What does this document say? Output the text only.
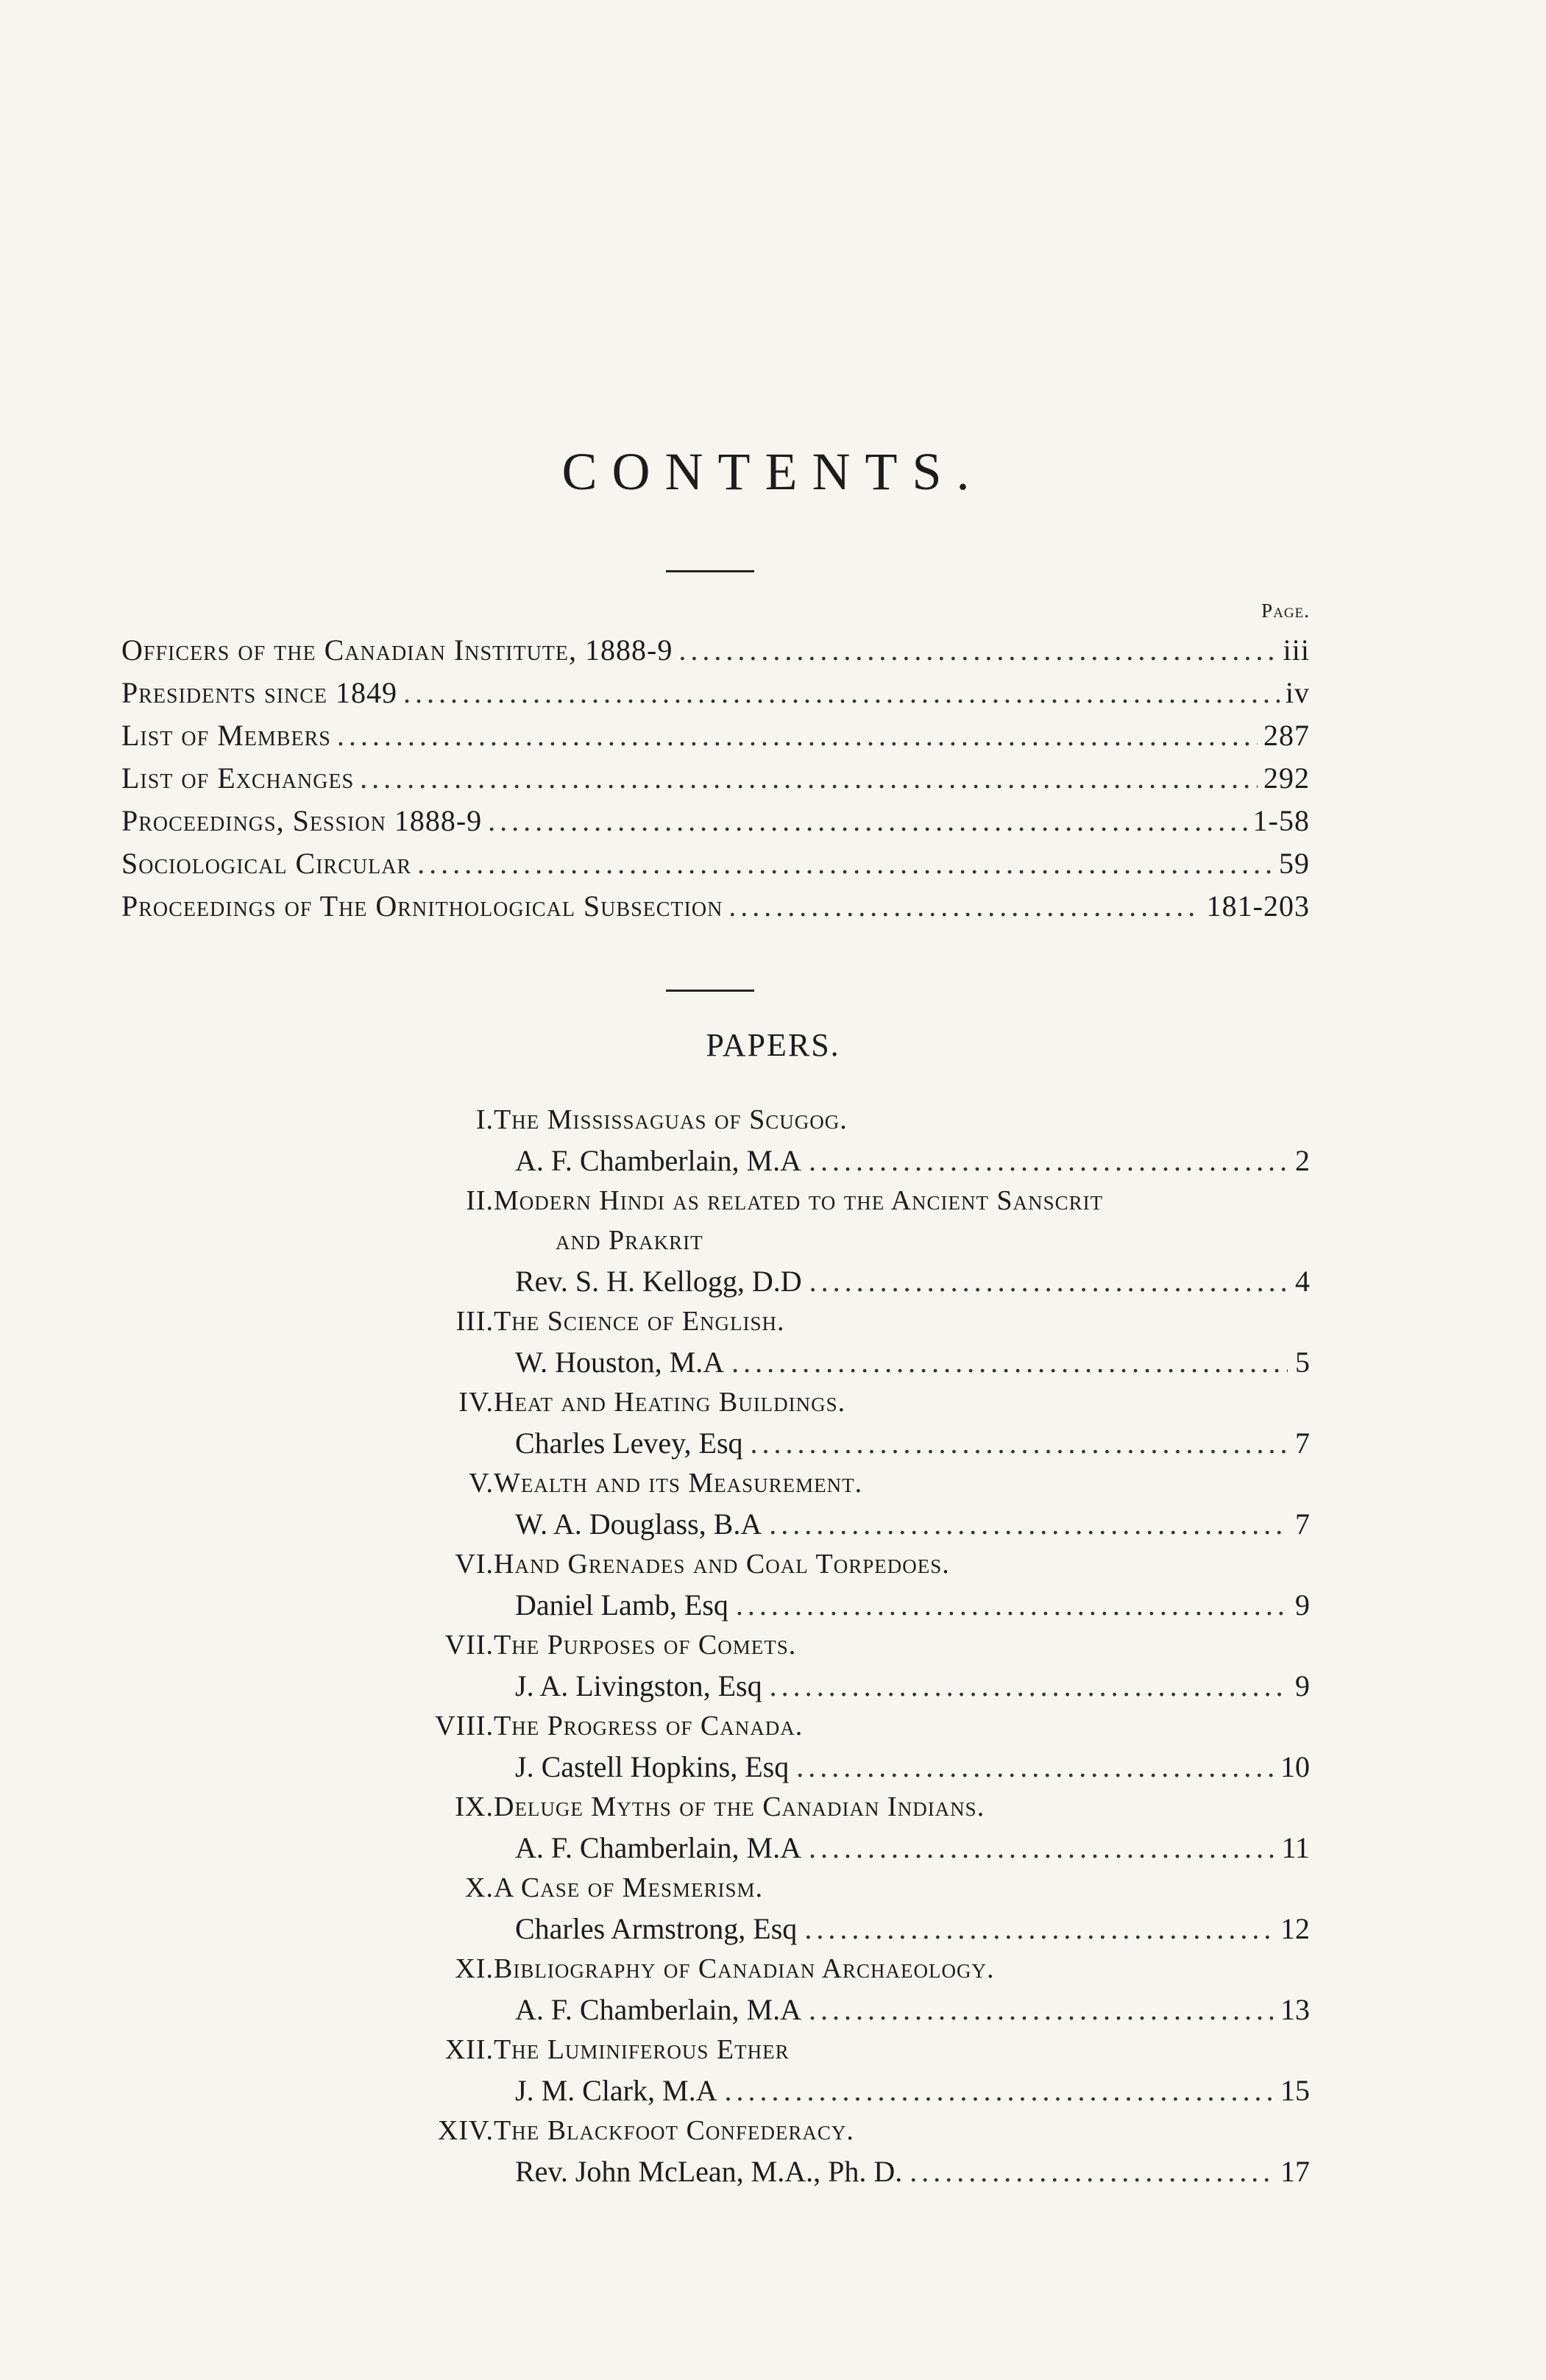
CONTENTS.
Page.
Officers of the Canadian Institute, 1888-9 .....	iii
Presidents since 1849 .....	iv
List of Members .....	287
List of Exchanges .....	292
Proceedings, Session 1888-9 .....	1-58
Sociological Circular .....	59
Proceedings of The Ornithological Subsection .....	181-203
PAPERS.
I. The Mississaguas of Scugog.
A. F. Chamberlain, M.A .....	2
II. Modern Hindi as related to the Ancient Sanscrit
and Prakrit
Rev. S. H. Kellogg, D.D .....	4
III. The Science of English.
W. Houston, M.A .....	5
IV. Heat and Heating Buildings.
Charles Levey, Esq .....	7
V. Wealth and its Measurement.
W. A. Douglass, B.A .....	7
VI. Hand Grenades and Coal Torpedoes.
Daniel Lamb, Esq .....	9
VII. The Purposes of Comets.
J. A. Livingston, Esq .....	9
VIII. The Progress of Canada.
J. Castell Hopkins, Esq .....	10
IX. Deluge Myths of the Canadian Indians.
A. F. Chamberlain, M.A .....	11
X. A Case of Mesmerism.
Charles Armstrong, Esq .....	12
XI. Bibliography of Canadian Archaeology.
A. F. Chamberlain, M.A .....	13
XII. The Luminiferous Ether
J. M. Clark, M.A .....	15
XIV. The Blackfoot Confederacy.
Rev. John McLean, M.A., Ph. D. .....	17
